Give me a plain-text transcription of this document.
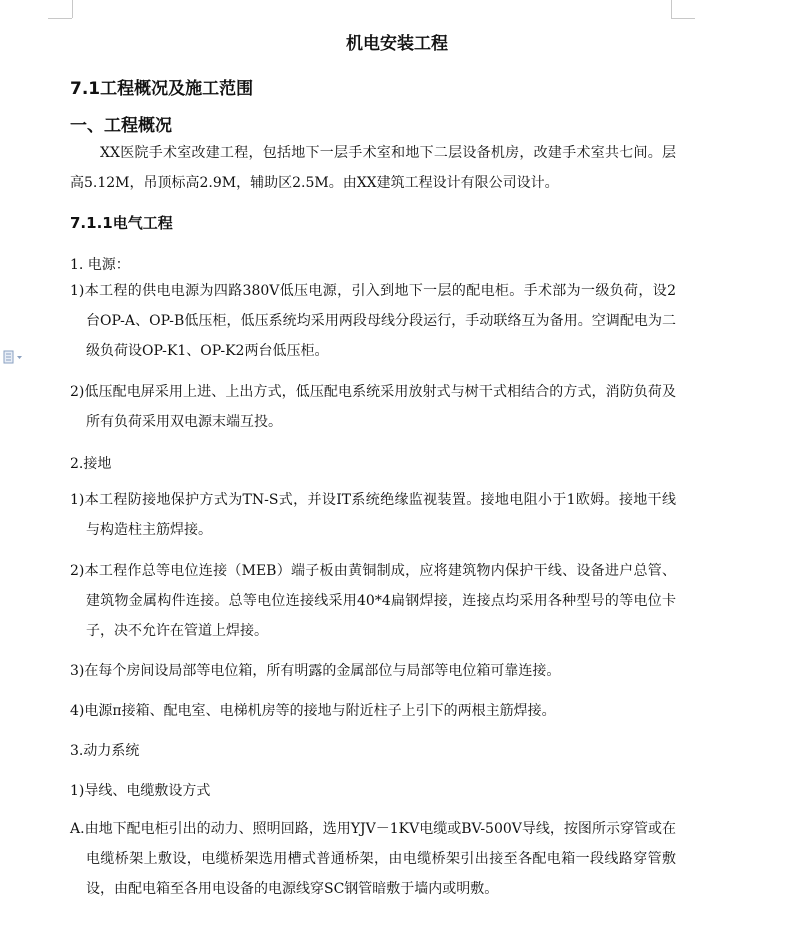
机电安装工程
7.1工程概况及施工范围
一、工程概况
XX医院手术室改建工程，包括地下一层手术室和地下二层设备机房，改建手术室共七间。层高5.12M，吊顶标高2.9M，辅助区2.5M。由XX建筑工程设计有限公司设计。
7.1.1电气工程
1. 电源：
1)本工程的供电电源为四路380V低压电源，引入到地下一层的配电柜。手术部为一级负荷，设2台OP-A、OP-B低压柜，低压系统均采用两段母线分段运行，手动联络互为备用。空调配电为二级负荷设OP-K1、OP-K2两台低压柜。
2)低压配电屏采用上进、上出方式，低压配电系统采用放射式与树干式相结合的方式，消防负荷及所有负荷采用双电源末端互投。
2.接地
1)本工程防接地保护方式为TN-S式，并设IT系统绝缘监视装置。接地电阻小于1欧姆。接地干线与构造柱主筋焊接。
2)本工程作总等电位连接（MEB）端子板由黄铜制成，应将建筑物内保护干线、设备进户总管、建筑物金属构件连接。总等电位连接线采用40*4扁钢焊接，连接点均采用各种型号的等电位卡子，决不允许在管道上焊接。
3)在每个房间设局部等电位箱，所有明露的金属部位与局部等电位箱可靠连接。
4)电源π接箱、配电室、电梯机房等的接地与附近柱子上引下的两根主筋焊接。
3.动力系统
1)导线、电缆敷设方式
A.由地下配电柜引出的动力、照明回路，选用YJV－1KV电缆或BV-500V导线，按图所示穿管或在电缆桥架上敷设，电缆桥架选用槽式普通桥架，由电缆桥架引出接至各配电箱一段线路穿管敷设，由配电箱至各用电设备的电源线穿SC钢管暗敷于墙内或明敷。
